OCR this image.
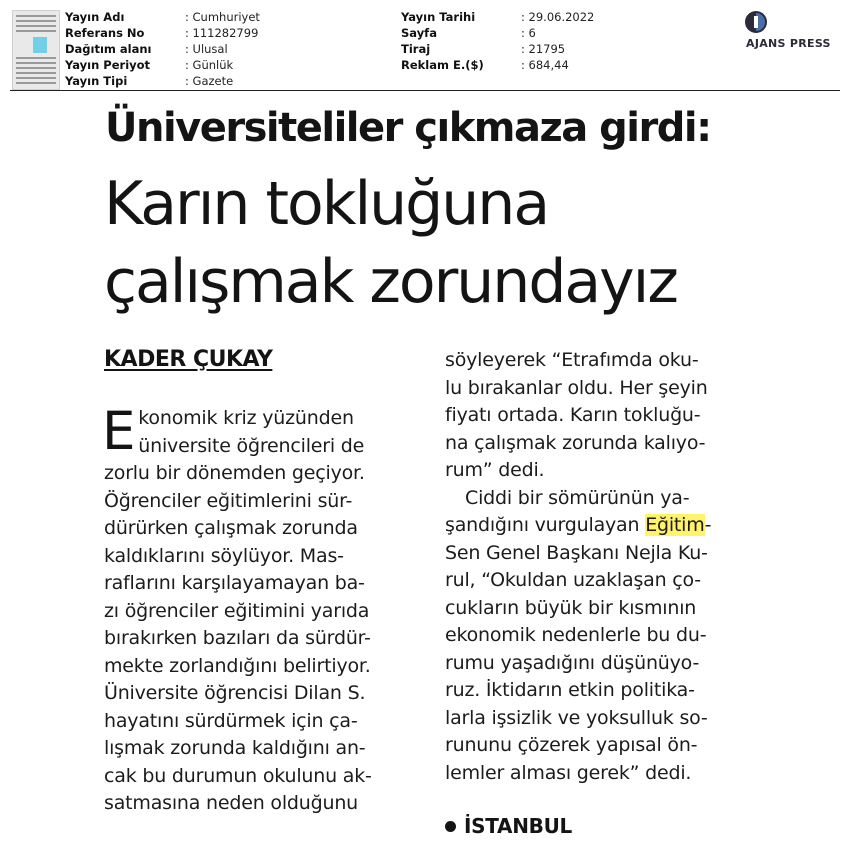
Yayın Adı	: Cumhuriyet
Referans No	: 111282799
Dağıtım alanı	: Ulusal
Yayın Periyot	: Günlük
Yayın Tipi	: Gazete
Yayın Tarihi	: 29.06.2022
Sayfa	: 6
Tiraj	: 21795
Reklam E.($)	: 684,44
AJANS PRESS
Üniversiteliler çıkmaza girdi:
Karın tokluğuna
çalışmak zorundayız
KADER ÇUKAY
E konomik kriz yüzünden
üniversite öğrencileri de
zorlu bir dönemden geçiyor.
Öğrenciler eğitimlerini sür-
dürürken çalışmak zorunda
kaldıklarını söylüyor. Mas-
raflarını karşılayamayan ba-
zı öğrenciler eğitimini yarıda
bırakırken bazıları da sürdür-
mekte zorlandığını belirtiyor.
Üniversite öğrencisi Dilan S.
hayatını sürdürmek için ça-
lışmak zorunda kaldığını an-
cak bu durumun okulunu ak-
satmasına neden olduğunu
söyleyerek “Etrafımda oku-
lu bırakanlar oldu. Her şeyin
fiyatı ortada. Karın tokluğu-
na çalışmak zorunda kalıyo-
rum” dedi.
Ciddi bir sömürünün ya-
şandığını vurgulayan Eğitim-
Sen Genel Başkanı Nejla Ku-
rul, “Okuldan uzaklaşan ço-
cukların büyük bir kısmının
ekonomik nedenlerle bu du-
rumu yaşadığını düşünüyo-
ruz. İktidarın etkin politika-
larla işsizlik ve yoksulluk so-
rununu çözerek yapısal ön-
lemler alması gerek” dedi.
İSTANBUL
